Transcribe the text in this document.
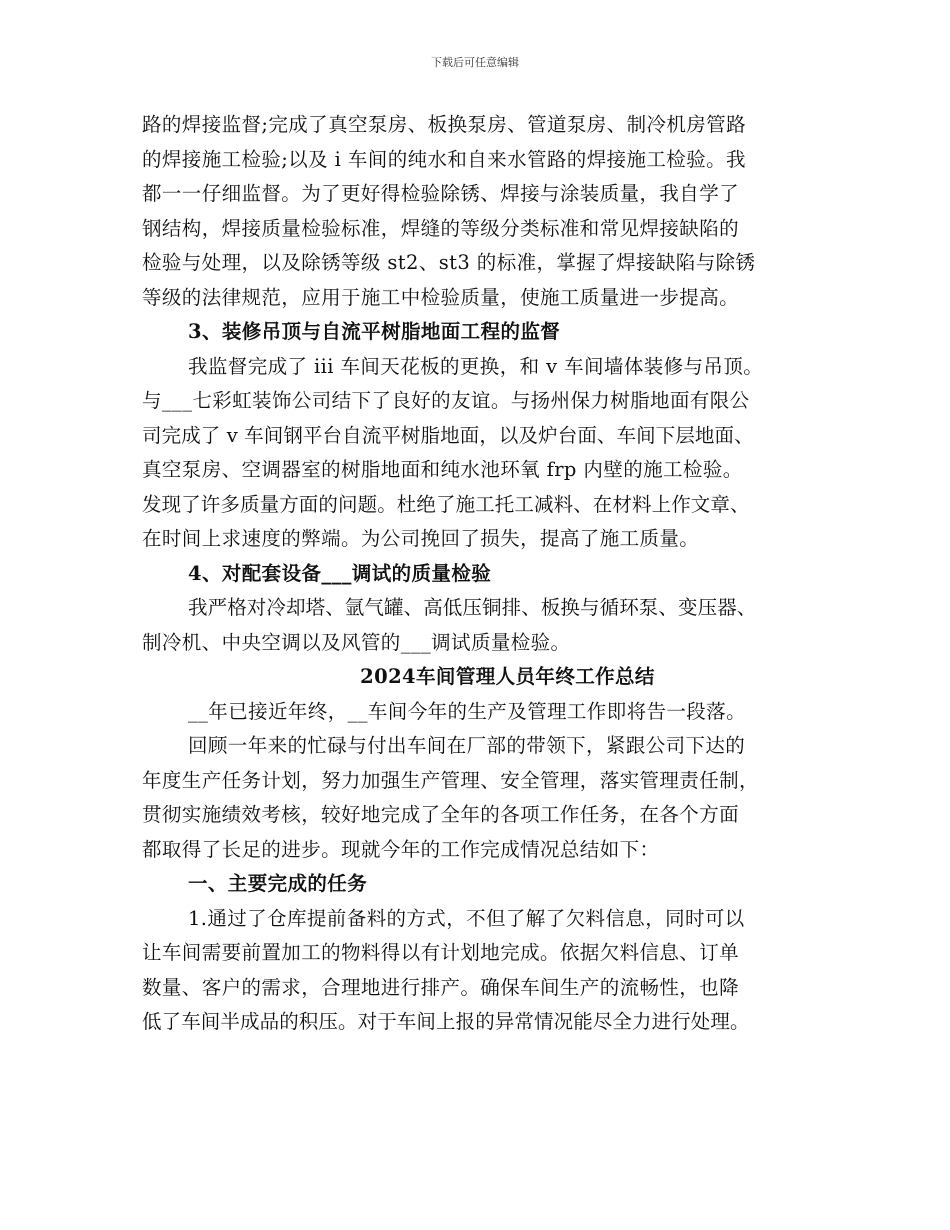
下载后可任意编辑
路的焊接监督;完成了真空泵房、板换泵房、管道泵房、制冷机房管路
的焊接施工检验;以及 i 车间的纯水和自来水管路的焊接施工检验。我
都一一仔细监督。为了更好得检验除锈、焊接与涂装质量，我自学了
钢结构，焊接质量检验标准，焊缝的等级分类标准和常见焊接缺陷的
检验与处理，以及除锈等级 st2、st3 的标准，掌握了焊接缺陷与除锈
等级的法律规范，应用于施工中检验质量，使施工质量进一步提高。
3、装修吊顶与自流平树脂地面工程的监督
我监督完成了 iii 车间天花板的更换，和 v 车间墙体装修与吊顶。
与___七彩虹装饰公司结下了良好的友谊。与扬州保力树脂地面有限公
司完成了 v 车间钢平台自流平树脂地面，以及炉台面、车间下层地面、
真空泵房、空调器室的树脂地面和纯水池环氧 frp 内壁的施工检验。
发现了许多质量方面的问题。杜绝了施工托工减料、在材料上作文章、
在时间上求速度的弊端。为公司挽回了损失，提高了施工质量。
4、对配套设备___调试的质量检验
我严格对冷却塔、氩气罐、高低压铜排、板换与循环泵、变压器、
制冷机、中央空调以及风管的___调试质量检验。
2024车间管理人员年终工作总结
__年已接近年终，__车间今年的生产及管理工作即将告一段落。
回顾一年来的忙碌与付出车间在厂部的带领下，紧跟公司下达的
年度生产任务计划，努力加强生产管理、安全管理，落实管理责任制，
贯彻实施绩效考核，较好地完成了全年的各项工作任务，在各个方面
都取得了长足的进步。现就今年的工作完成情况总结如下：
一、主要完成的任务
1.通过了仓库提前备料的方式，不但了解了欠料信息，同时可以
让车间需要前置加工的物料得以有计划地完成。依据欠料信息、订单
数量、客户的需求，合理地进行排产。确保车间生产的流畅性，也降
低了车间半成品的积压。对于车间上报的异常情况能尽全力进行处理。
